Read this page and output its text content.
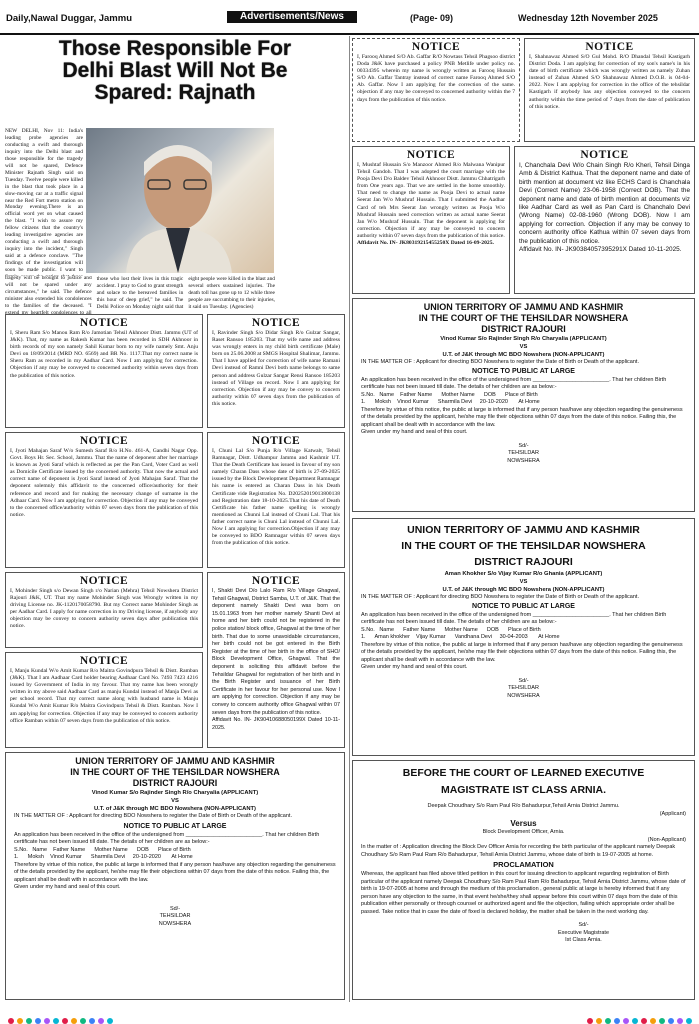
Daily,Nawal Duggar, Jammu	Advertisements/News	(Page- 09)	Wednesday 12th November 2025
Those Responsible For
Delhi Blast Will Not Be
Spared: Rajnath
NEW DELHI, Nov 11: India's leading probe agencies are conducting a swift and thorough inquiry into the Delhi blast and those responsible for the tragedy will not be spared, Defence Minister Rajnath Singh said on Tuesday. Twelve people were killed in the blast that took place in a slow-moving car at a traffic signal near the Red Fort metro station on Monday evening.There is an official word yet on what caused the blast. "I wish to assure my fellow citizens that the country's leading investigative agencies are conducting a swift and thorough inquiry into the incident," Singh said at a defence conclave. "The findings of the investigation will soon be made public. I want to
tragedy will be brought to justice and will not be spared under any circumstances," he said. The defence minister also extended his condolences to the families of the deceased. "I extend my heartfelt condolences to all those who lost their lives in this tragic accident. I pray to God to grant strength and solace to the bereaved families in this hour of deep grief," he said. The Delhi Police on Monday night said that eight people were killed in the blast and several others sustained injuries. The death toll has gone up to 12 while three people are succumbing to their injuries, it said on Tuesday. (Agencies)
NOTICE
I, Farooq Ahmed S/O Ab. Gaffar R/O Nowtass Tehsil Phagsoo district Doda J&K have purchased a policy PNB Metlife under policy no. 00334395 wherein my name is wrongly written as Farooq Hussain S/O Ab. Gaffar Tantray instead of correct name Farooq Ahmed S/O Ab. Gaffar. Now I am applying for the correction of the same. objection if any may be conveyed to concerned authority within the 7 days from the publication of this notice.
NOTICE
I, Shahnawaz Ahmed S/O Gul Mohd. R/O Dhandal Tehsil Kastigarh District Doda. I am applying for correction of my son's name's in his date of birth certificate which was wrongly written as namely Zuhan instead of Zuhan Ahmed S/O Shahnawaz Ahmed D.O.B. is 04-04-2022. Now I am applying for correction in the office of the tehsildar Kastigarh if anybody has any objection conveyed to the concern authority within the time period of 7 days from the date of publication of this notice.
NOTICE
I, Mushtaf Hussain S/o Manzoor Ahmed R/o Malwana Wanipur Tehsil Gandoh. That I was adopted the court marriage with the Pooja Devi D/o Baldev Tehsil Akhnoor Distt. Jammu Chhatrigarh from One years ago. That we are settled in the home smoothly. That need to change the name as Pooja Devi to actual name Seerat Jan W/o Mushraf Hussain. That I submitted the Aadhar Card of teh Mrs Seerat Jan wrongly written as Pooja W/o Mushraf Hussain need correction written as actual name Seerat Jan W/o Mushraf Hussain. That the deponent is applying for correction. Objection if any may be conveyed to concern authority within 07 seven days from the publication of this notice.
Affidavit No. IN- JK80319215455250X Dated 16-09-2025.
NOTICE
I, Chanchala Devi W/o Chain Singh R/o Kheri, Tehsil Dinga Amb & District Kathua. That the deponent name and date of birth mention at document viz like ECHS Card is Chanchala Devi (Correct Name) 23-06-1958 (Correct DOB). That the deponent name and date of birth mention at documents viz like Aadhar Card as well as Pan Card is Chanchalo Devi (Wrong Name) 02-08-1960 (Wrong DOB). Now I am applying for correction. Objection if any may be convey to concern authority office Kathua within 07 seven days from the publication of this notice.
Affidavit No. IN- JK90384057395291X Dated 10-11-2025.
NOTICE
I, Sheru Ram S/o Manou Ram R/o Jamotian Tehsil Akhnoor Distt. Jammu (UT of J&K). That, my name as Rakesh Kumar has been recorded in SDH Akhnoor in birth records of my son namely Sahil Kumar born to my wife namely Smt. Anju Devi on 18/09/2014 (MRD NO. 6569) and BR No. 1117.That my correct name is Sheru Ram as recorded in my Aadhar Card. Now I am applying for correction. Objection if any may be conveyed to concerned authority within seven days from the publication of this notice.
NOTICE
I, Ravinder Singh S/o Didar Singh R/o Gulzar Sangar, Raset Ransoo 185203. That my wife name and address was wrongly enters in my child birth certificate (Male) born on 25.06.2008 at SMGS Hospital Shalimar, Jammu. That I have applied for correction of wife name Ramani Devi instead of Ramni Devi both name belongs to same person and address Gulzar Sangar Rensi Ransoo 185203 instead of Village on record. Now I am applying for correction. Objection if any may be convey to concern authority within 07 seven days from the publication of this notice.
NOTICE
I, Jyoti Mahajan Saraf W/o Sumesh Saraf R/o H.No. 461-A, Gandhi Nagar Opp. Govt. Boys Hr. Sec. School, Jammu. That the name of deponent after her marriage is known as Jyoti Saraf which is reflected as per the Pan Card, Voter Card as well as Domicile Certificate issued by the concerned authority. That now the actual and correct name of deponent is Jyoti Saraf instead of Jyoti Mahajan Saraf. That the deponent solemnly this affidavit to the concerned office/authority for their reference and record and for making the necessary change of surname in the Adhaar Card. Now I am applying for correction. Objection if any may be conveyed to the concerned office/authority within 07 seven days from the publication of this notice.
NOTICE
I, Chuni Lal S/o Punja R/o Village Katwalt, Tehsil Ramnagar, Distt. Udhampur Jammu and Kashmir UT. That the Death Certificate has issued in favour of my son namely Charan Dass whose date of birth is 27-09-2025 issued by the Block Development Department Ramnagar his name is entered as Charan Dass in his Death Certificate vide Registration No. D20252019013800138 and Registration date 18-10-2025.That his date of Death Certificate his father name spelling is wrongly mentioned as Chunni Lal instead of Chuni Lal. That his father correct name is Chuni Lal instead of Chunni Lal. Now I am applying for correction.Objection if any may be conveyed to BDO Ramnagar within 07 seven days from the publication of this notice.
NOTICE
I, Mohinder Singh s/o Dewan Singh r/o Narian (Mehra) Tehsil Nowshera District Rajouri J&K, UT. That my name Mohinder Singh was Wrongly written in my driving License no. JK-1120170058790. But my Correct name Mohinder Singh as per Aadhar Card. I apply for name correction in my Driving license, if anybody any objection may be convey to concern authority seven days after publication this notice.
NOTICE
I, Shakti Devi D/o Lalo Ram R/o Village Ghagwal, Tehsil Ghagwal, District Samba, U.T. of J&K. That the deponent namely Shakti Devi was born on 15.01.1963 from her mother namely Shanti Devi at home and her birth could not be registered in the police station/ block office, Ghagwal at the time of her birth. That due to some unavoidable circumstances, her birth could not be got entered in the Birth Register at the time of her birth in the office of SHO/ Block Development Office, Ghagwal. That the deponent is soliciting this affidavit before the Tehsildar Ghagwal for registration of her birth and in the Birth Register and issuance of her Birth Certificate in her favour for her personal use. Now I am applying for correction. Objection if any may be convey to concern authority office Ghagwal within 07 seven days from the publication of this notice.
Affidavit No. IN- JK90410688050199X Dated 10-11-2025.
NOTICE
I, Manju Kundal W/o Amit Kumar R/o Maitra Govindpura Tehsil & Distt. Ramban (J&K). That I am Aadhaar Card holder bearing Aadhaar Card No. 7493 7423 4216 issued by Government of India in my favour. That my name has been wrongly written in my above said Aadhaar Card as manju Kundal instead of Manja Devi as per school record. That my correct name along with husband name is Manju Kundal W/o Amit Kumar R/o Maitra Govindpura Tehsil & Distt. Ramban. Now I am applying for correction. Objection if any may be conveyed to concern authority office Ramban within 07 seven days from the publication of this notice.
UNION TERRITORY OF JAMMU AND KASHMIR
IN THE COURT OF THE TEHSILDAR NOWSHERA
DISTRICT RAJOURI
Vinod Kumar S/o Rajinder Singh R/o Charyalia (APPLICANT)
VS
U.T. of J&K through MC BDO Nowshera (NON-APPLICANT)
IN THE MATTER OF : Applicant for directing BDO Nowshera to register the Date of Birth or Death of the applicant.
NOTICE TO PUBLIC AT LARGE
An application has been received in the office of the undersigned from _________________________. That her children Birth certificate has not been issued till date. The details of her children are as below:-
S.No.   Name    Father Name      Mother Name      DOB      Place of Birth
1.      Moksh    Vinod Kumar      Sharmila Devi     20-10-2020       At Home
Therefore by virtue of this notice, the public at large is informed that if any person has/have any objection regarding the genuineness of the details provided by the applicant, he/she may file their objections within 07 days from the date of this notice. Failing this, the applicant shall be dealt with in accordance with the law.
Given under my hand and seal of this court.
Sd/-
TEHSILDAR
NOWSHERA
UNION TERRITORY OF JAMMU AND KASHMIR
IN THE COURT OF THE TEHSILDAR NOWSHERA
DISTRICT RAJOURI
Aman Khokher S/o Vijay Kumar R/o Ghania (APPLICANT)
VS
U.T. of J&K through MC BDO Nowshera (NON-APPLICANT)
IN THE MATTER OF : Applicant for directing BDO Nowshera to register the Date of Birth or Death of the applicant.
NOTICE TO PUBLIC AT LARGE
An application has been received in the office of the undersigned from _________________________. That her children Birth certificate has not been issued till date. The details of her children are as below:-
S.No.   Name      Father Name      Mother Name      DOB      Place of Birth
1.      Aman khokher    Vijay Kumar      Vandhana Devi     30-04-2003       At Home
Therefore by virtue of this notice, the public at large is informed that if any person has/have any objection regarding the genuineness of the details provided by the applicant, he/she may file their objections within 07 days from the date of this notice. Failing this, the applicant shall be dealt with in accordance with the law.
Given under my hand and seal of this court.
Sd/-
TEHSILDAR
NOWSHERA
UNION TERRITORY OF JAMMU AND KASHMIR
IN THE COURT OF THE TEHSILDAR NOWSHERA
DISTRICT RAJOURI
Vinod Kumar S/o Rajinder Singh R/o Charyalia (APPLICANT)
VS
U.T. of J&K through MC BDO Nowshera (NON-APPLICANT)
IN THE MATTER OF : Applicant for directing BDO Nowshera to register the Date of Birth or Death of the applicant.
NOTICE TO PUBLIC AT LARGE
An application has been received in the office of the undersigned from _________________________. That her children Birth certificate has not been issued till date. The details of her children are as below:-
S.No.   Name    Father Name      Mother Name      DOB      Place of Birth
1.      Moksh    Vinod Kumar      Sharmila Devi     20-10-2020       At Home
Therefore by virtue of this notice, the public at large is informed that if any person has/have any objection regarding the genuineness of the details provided by the applicant, he/she may file their objections within 07 days from the date of this notice. Failing this, the applicant shall be dealt with in accordance with the law.
Given under my hand and seal of this court.
Sd/-
TEHSILDAR
NOWSHERA
BEFORE THE COURT OF LEARNED EXECUTIVE
MAGISTRATE IST CLASS ARNIA.
Deepak Choudhary S/o Ram Paul R/o Bahadurpur,Tehsil Arnia District Jammu.
(Applicant)
Versus
Block Development Officer, Arnia.
(Non-Applicant)
In the matter of : Application directing the Block Dev Officer Arnia for recording the birth particular of the applicant namely Deepak Choudhary S/o Ram Paul Ram R/o Bahadurpur, Tehsil Arnia District Jammu, whose date of birth is 19-07-2005 at home.
PROCLAMATION
Whereas, the applicant has filed above titled petition in this court for issuing direction to applicant regarding registration of Birth particular of the applicant namely Deepak Choudhary S/o Ram Paul Ram R/o Bahadurpur, Tehsil Arnia District Jammu, whose date of birth is 19-07-2005 at home and through the medium of this proclamation , general public at large is hereby informed that if any person have any objection to the same, in that event he/she/they shall appear before this court within 07 days from the date of this publication either personally or through counsel or authorized agent and file the objection, failing which appropriate order shall be passed. Take notice that in case the date of fixed is declared holiday, the matter shall be taken in the next working day.
Sd/-
Executive Magistrate
Ist Class Arnia.
